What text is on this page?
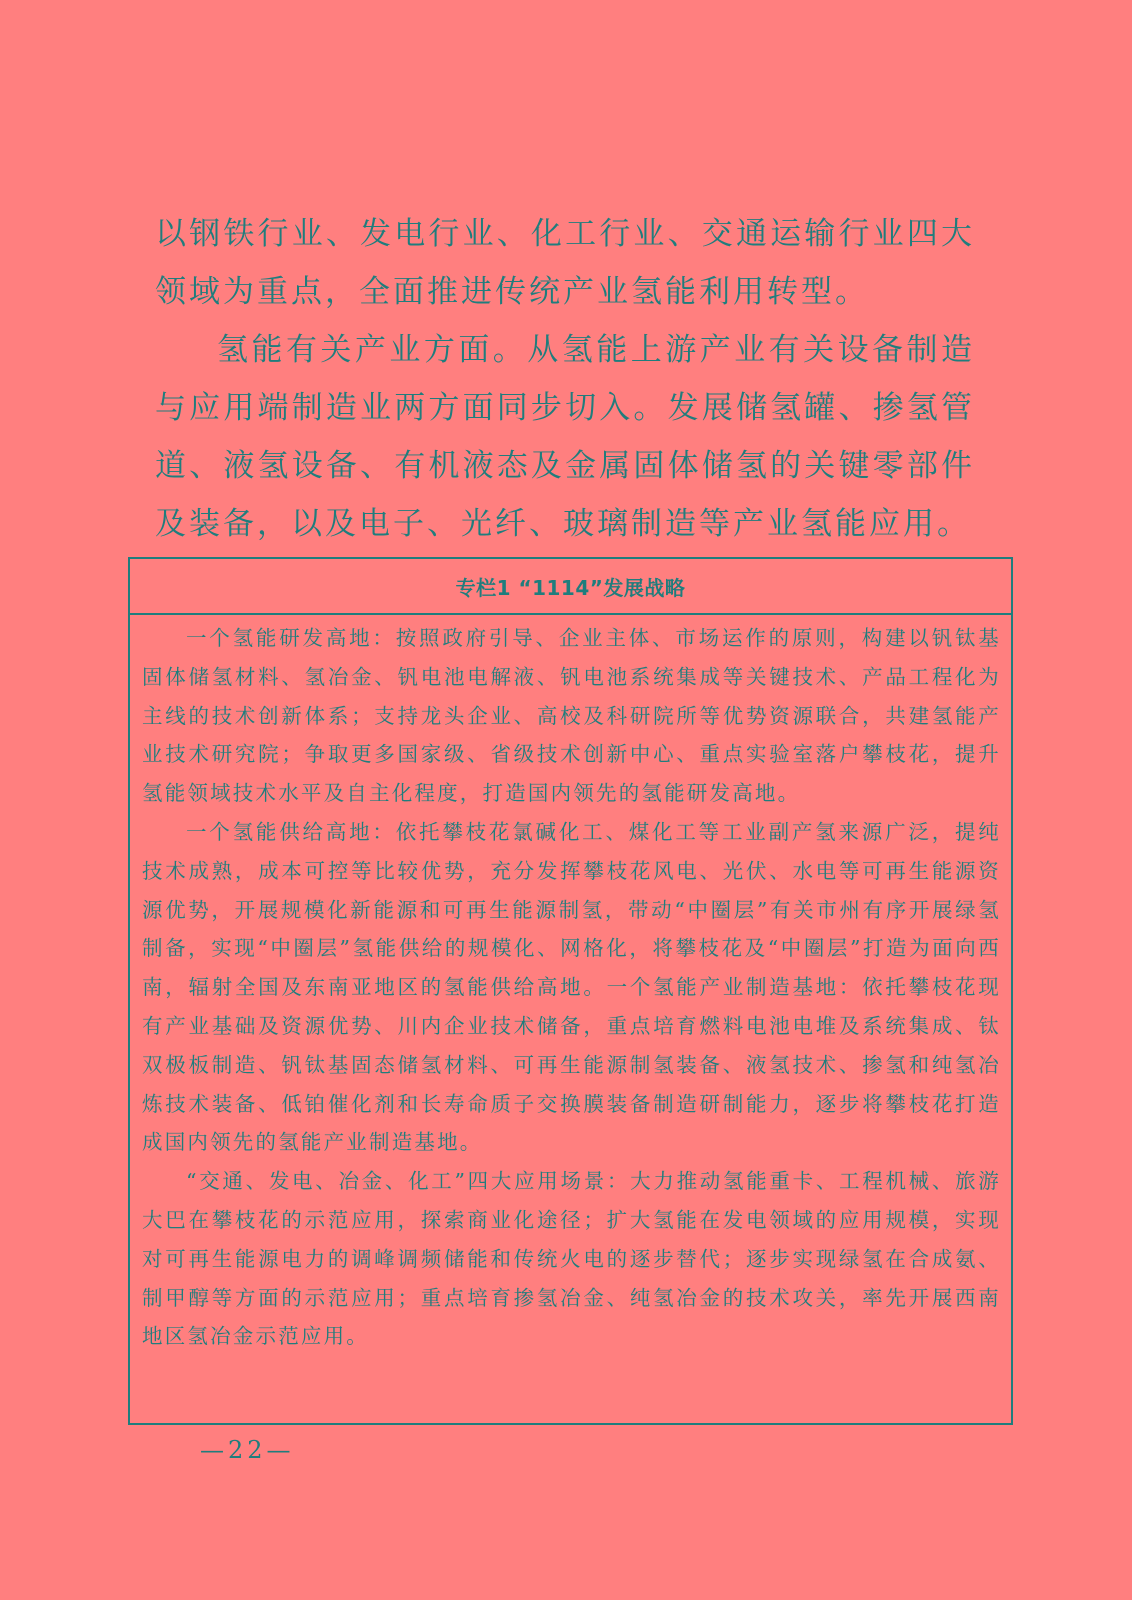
以钢铁行业、发电行业、化工行业、交通运输行业四大领域为重点，全面推进传统产业氢能利用转型。

氢能有关产业方面。从氢能上游产业有关设备制造与应用端制造业两方面同步切入。发展储氢罐、掺氢管道、液氢设备、有机液态及金属固体储氢的关键零部件及装备，以及电子、光纤、玻璃制造等产业氢能应用。

专栏1 “1114”发展战略

一个氢能研发高地：按照政府引导、企业主体、市场运作的原则，构建以钒钛基固体储氢材料、氢冶金、钒电池电解液、钒电池系统集成等关键技术、产品工程化为主线的技术创新体系；支持龙头企业、高校及科研院所等优势资源联合，共建氢能产业技术研究院；争取更多国家级、省级技术创新中心、重点实验室落户攀枝花，提升氢能领域技术水平及自主化程度，打造国内领先的氢能研发高地。

一个氢能供给高地：依托攀枝花氯碱化工、煤化工等工业副产氢来源广泛，提纯技术成熟，成本可控等比较优势，充分发挥攀枝花风电、光伏、水电等可再生能源资源优势，开展规模化新能源和可再生能源制氢，带动“中圈层”有关市州有序开展绿氢制备，实现“中圈层”氢能供给的规模化、网格化，将攀枝花及“中圈层”打造为面向西南，辐射全国及东南亚地区的氢能供给高地。一个氢能产业制造基地：依托攀枝花现有产业基础及资源优势、川内企业技术储备，重点培育燃料电池电堆及系统集成、钛双极板制造、钒钛基固态储氢材料、可再生能源制氢装备、液氢技术、掺氢和纯氢冶炼技术装备、低铂催化剂和长寿命质子交换膜装备制造研制能力，逐步将攀枝花打造成国内领先的氢能产业制造基地。

“交通、发电、冶金、化工”四大应用场景：大力推动氢能重卡、工程机械、旅游大巴在攀枝花的示范应用，探索商业化途径；扩大氢能在发电领域的应用规模，实现对可再生能源电力的调峰调频储能和传统火电的逐步替代；逐步实现绿氢在合成氨、制甲醇等方面的示范应用；重点培育掺氢冶金、纯氢冶金的技术攻关，率先开展西南地区氢冶金示范应用。

—22—
